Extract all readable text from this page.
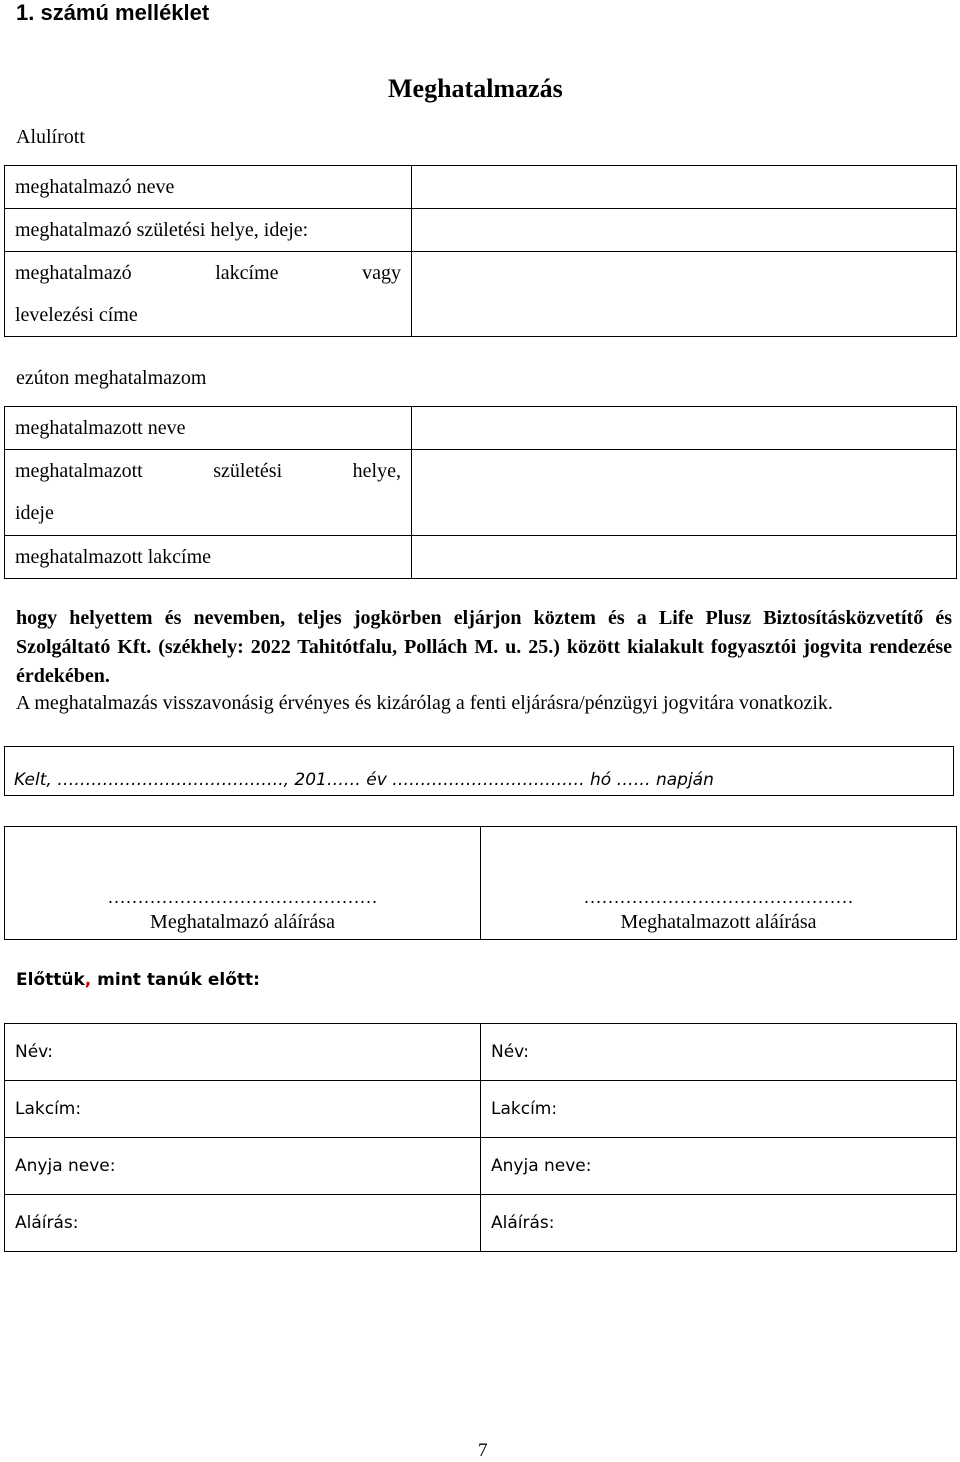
1. számú melléklet
Meghatalmazás
Alulírott
meghatalmazó neve	

meghatalmazó születési helye, ideje:	

meghatalmazó lakcíme vagy
levelezési címe	

ezúton meghatalmazom
meghatalmazott neve	

meghatalmazott születési helye,
ideje	

meghatalmazott lakcíme	

hogy helyettem és nevemben, teljes jogkörben eljárjon köztem és a Life Plusz Biztosításközvetítő és Szolgáltató Kft. (székhely: 2022 Tahitótfalu, Pollách M. u. 25.) között kialakult fogyasztói jogvita rendezése érdekében.
A meghatalmazás visszavonásig érvényes és kizárólag a fenti eljárásra/pénzügyi jogvitára vonatkozik.
Kelt, …………………………………., 201…… év ……………………………. hó …… napján
………………………………………
Meghatalmazó aláírása

………………………………………
Meghatalmazott aláírása
Előttük, mint tanúk előtt:
Név:	Név:
Lakcím:	Lakcím:
Anyja neve:	Anyja neve:
Aláírás:	Aláírás:
7
